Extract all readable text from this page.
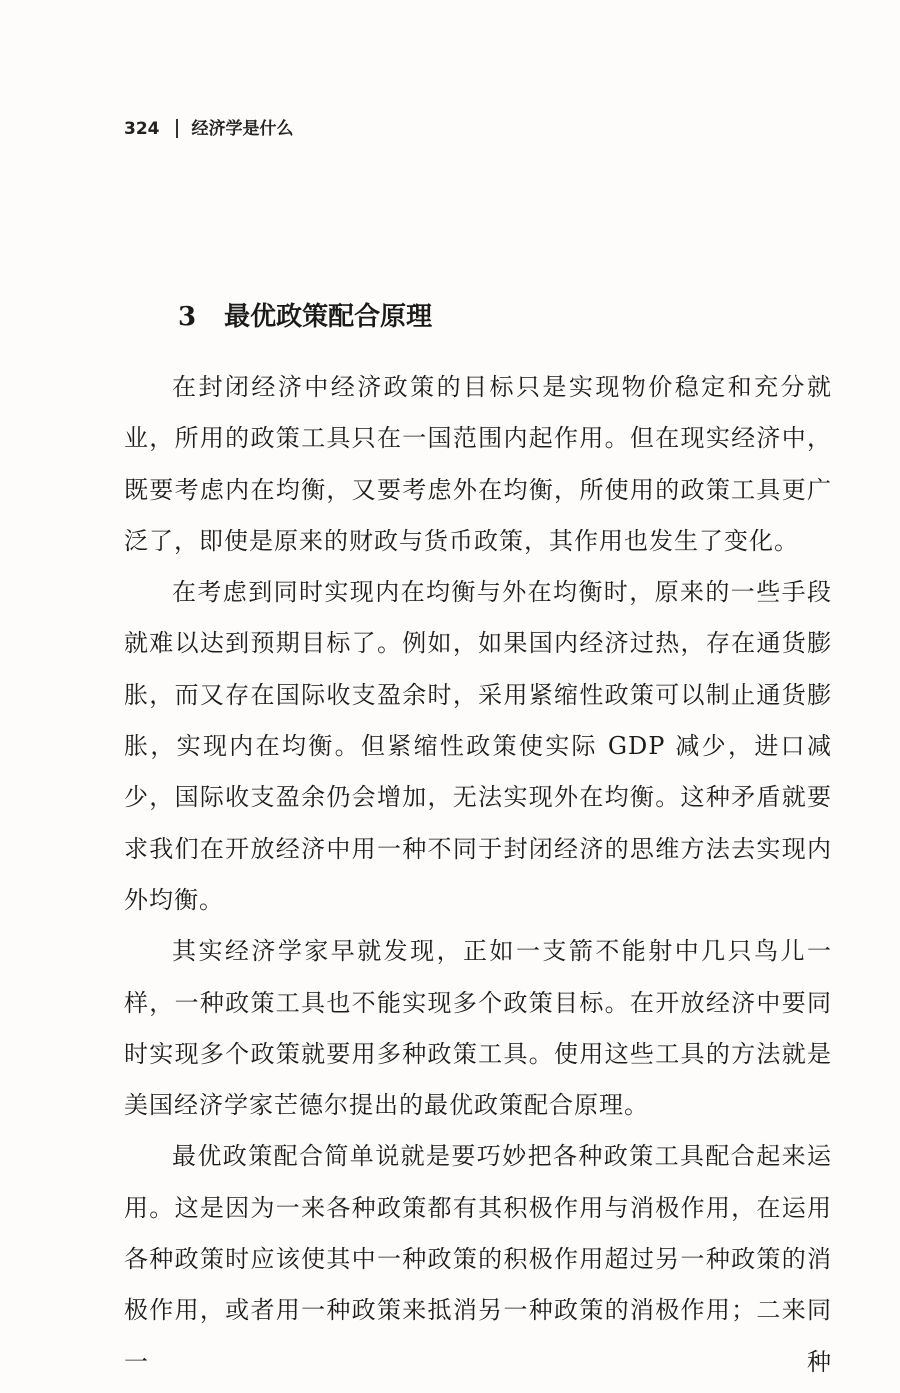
324 经济学是什么
3 最优政策配合原理

在封闭经济中经济政策的目标只是实现物价稳定和充分就业，所用的政策工具只在一国范围内起作用。但在现实经济中，既要考虑内在均衡，又要考虑外在均衡，所使用的政策工具更广泛了，即使是原来的财政与货币政策，其作用也发生了变化。

在考虑到同时实现内在均衡与外在均衡时，原来的一些手段就难以达到预期目标了。例如，如果国内经济过热，存在通货膨胀，而又存在国际收支盈余时，采用紧缩性政策可以制止通货膨胀，实现内在均衡。但紧缩性政策使实际 GDP 减少，进口减少，国际收支盈余仍会增加，无法实现外在均衡。这种矛盾就要求我们在开放经济中用一种不同于封闭经济的思维方法去实现内外均衡。

其实经济学家早就发现，正如一支箭不能射中几只鸟儿一样，一种政策工具也不能实现多个政策目标。在开放经济中要同时实现多个政策就要用多种政策工具。使用这些工具的方法就是美国经济学家芒德尔提出的最优政策配合原理。

最优政策配合简单说就是要巧妙把各种政策工具配合起来运用。这是因为一来各种政策都有其积极作用与消极作用，在运用各种政策时应该使其中一种政策的积极作用超过另一种政策的消极作用，或者用一种政策来抵消另一种政策的消极作用；二来同一种
